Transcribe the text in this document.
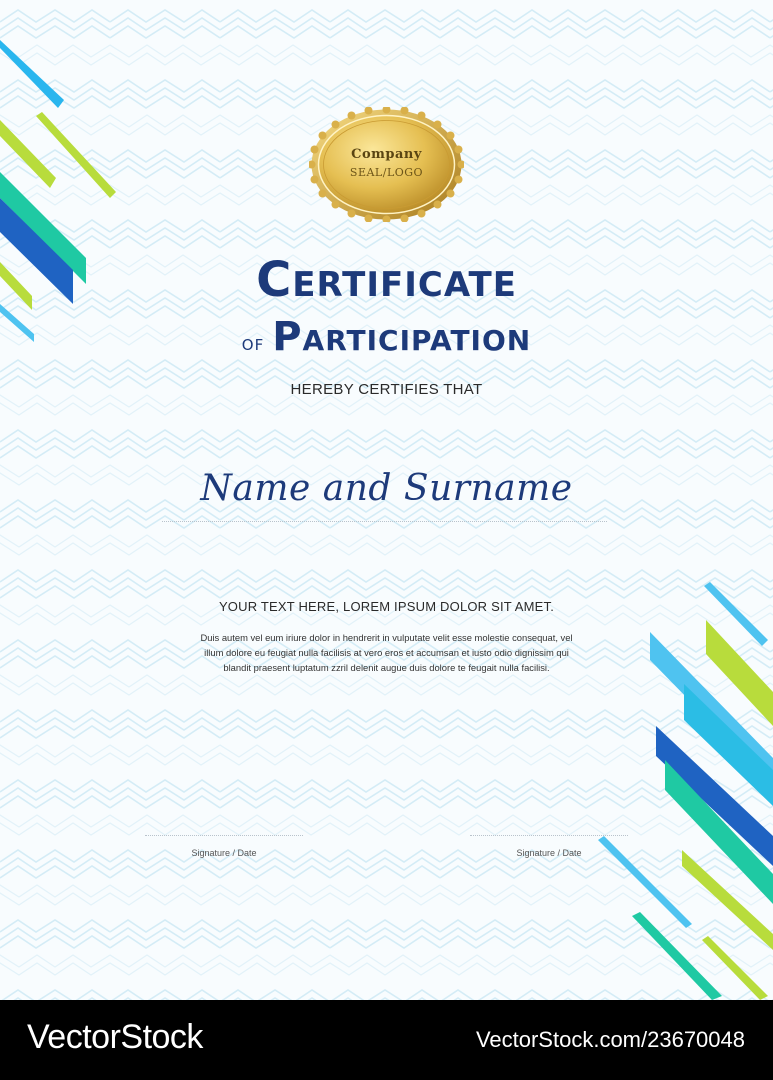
Company
SEAL/LOGO
Certificate
of Participation
HEREBY CERTIFIES THAT
Name and Surname
YOUR TEXT HERE, LOREM IPSUM DOLOR SIT AMET.
Duis autem vel eum iriure dolor in hendrerit in vulputate velit esse molestie consequat, vel
illum dolore eu feugiat nulla facilisis at vero eros et accumsan et iusto odio dignissim qui
blandit praesent luptatum zzril delenit augue duis dolore te feugait nulla facilisi.
Signature / Date	Signature / Date
VectorStock	VectorStock.com/23670048
